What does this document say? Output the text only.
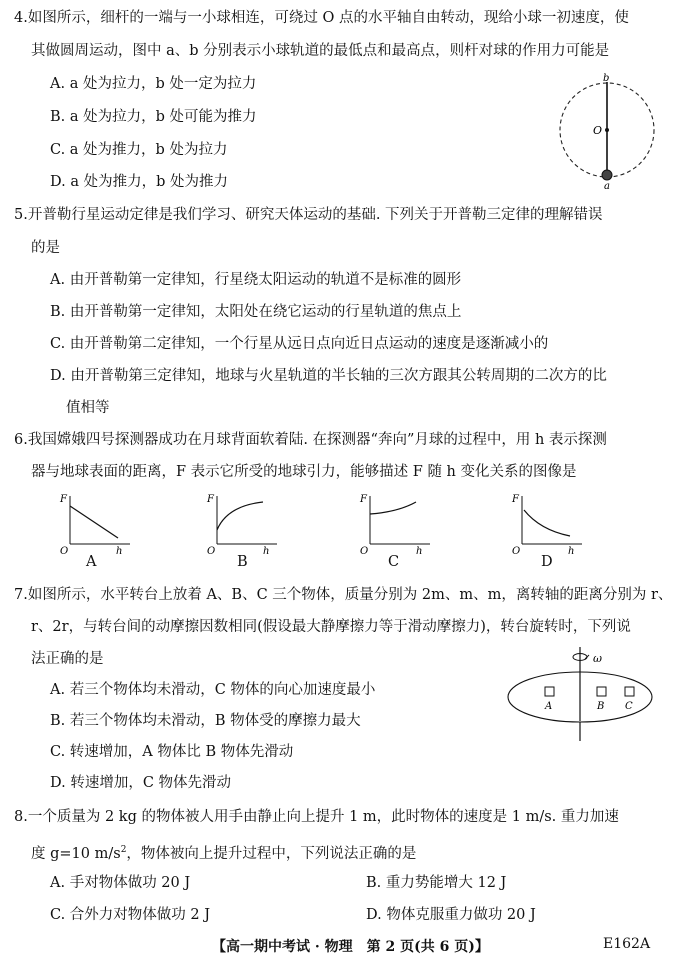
4.如图所示，细杆的一端与一小球相连，可绕过 O 点的水平轴自由转动，现给小球一初速度，使
其做圆周运动，图中 a、b 分别表示小球轨道的最低点和最高点，则杆对球的作用力可能是
A. a 处为拉力，b 处一定为拉力
B. a 处为拉力，b 处可能为推力
C. a 处为推力，b 处为拉力
D. a 处为推力，b 处为推力
b
O
a
5.开普勒行星运动定律是我们学习、研究天体运动的基础. 下列关于开普勒三定律的理解错误
的是
A. 由开普勒第一定律知，行星绕太阳运动的轨道不是标准的圆形
B. 由开普勒第一定律知，太阳处在绕它运动的行星轨道的焦点上
C. 由开普勒第二定律知，一个行星从远日点向近日点运动的速度是逐渐减小的
D. 由开普勒第三定律知，地球与火星轨道的半长轴的三次方跟其公转周期的二次方的比
值相等
6.我国嫦娥四号探测器成功在月球背面软着陆. 在探测器“奔向”月球的过程中，用 h 表示探测
器与地球表面的距离，F 表示它所受的地球引力，能够描述 F 随 h 变化关系的图像是
F
O	h
A
F
O	h
B
F
O	h
C
F
O	h
D
7.如图所示，水平转台上放着 A、B、C 三个物体，质量分别为 2m、m、m，离转轴的距离分别为 r、
r、2r，与转台间的动摩擦因数相同(假设最大静摩擦力等于滑动摩擦力)，转台旋转时，下列说
法正确的是
A. 若三个物体均未滑动，C 物体的向心加速度最小
B. 若三个物体均未滑动，B 物体受的摩擦力最大
C. 转速增加，A 物体比 B 物体先滑动
D. 转速增加，C 物体先滑动
ω
A	B C
8.一个质量为 2 kg 的物体被人用手由静止向上提升 1 m，此时物体的速度是 1 m/s. 重力加速
度 g=10 $m/s^2$，物体被向上提升过程中，下列说法正确的是
A. 手对物体做功 20 J	B. 重力势能增大 12 J
C. 合外力对物体做功 2 J	D. 物体克服重力做功 20 J
【高一期中考试 · 物理　第 2 页(共 6 页)】	E162A
